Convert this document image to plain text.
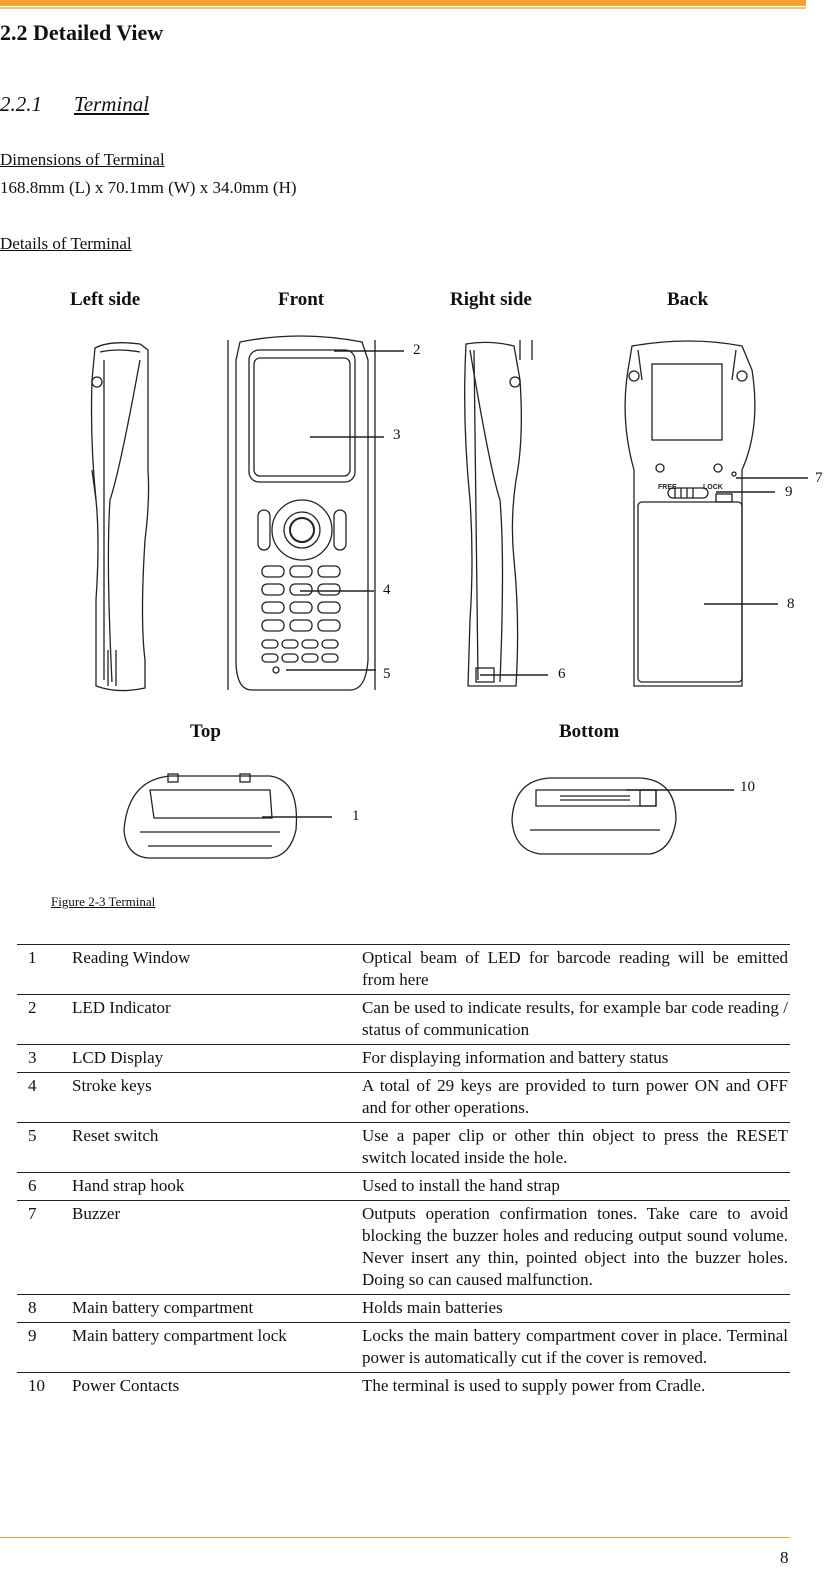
2.2 Detailed View
2.2.1 Terminal
Dimensions of Terminal
168.8mm (L) x 70.1mm (W) x 34.0mm (H)
Details of Terminal
Left side	Front	Right side	Back
Top	Bottom
FREE	LOCK
2
3
4
5	6
7
8
9
1
10
Figure 2-3 Terminal
1	Reading Window	Optical beam of LED for barcode reading will be emitted from here
2	LED Indicator	Can be used to indicate results, for example bar code reading / status of communication
3	LCD Display	For displaying information and battery status
4	Stroke keys	A total of 29 keys are provided to turn power ON and OFF and for other operations.
5	Reset switch	Use a paper clip or other thin object to press the RESET switch located inside the hole.
6	Hand strap hook	Used to install the hand strap
7	Buzzer	Outputs operation confirmation tones. Take care to avoid blocking the buzzer holes and reducing output sound volume. Never insert any thin, pointed object into the buzzer holes. Doing so can caused malfunction.
8	Main battery compartment	Holds main batteries
9	Main battery compartment lock	Locks the main battery compartment cover in place. Terminal power is automatically cut if the cover is removed.
10	Power Contacts	The terminal is used to supply power from Cradle.
8
